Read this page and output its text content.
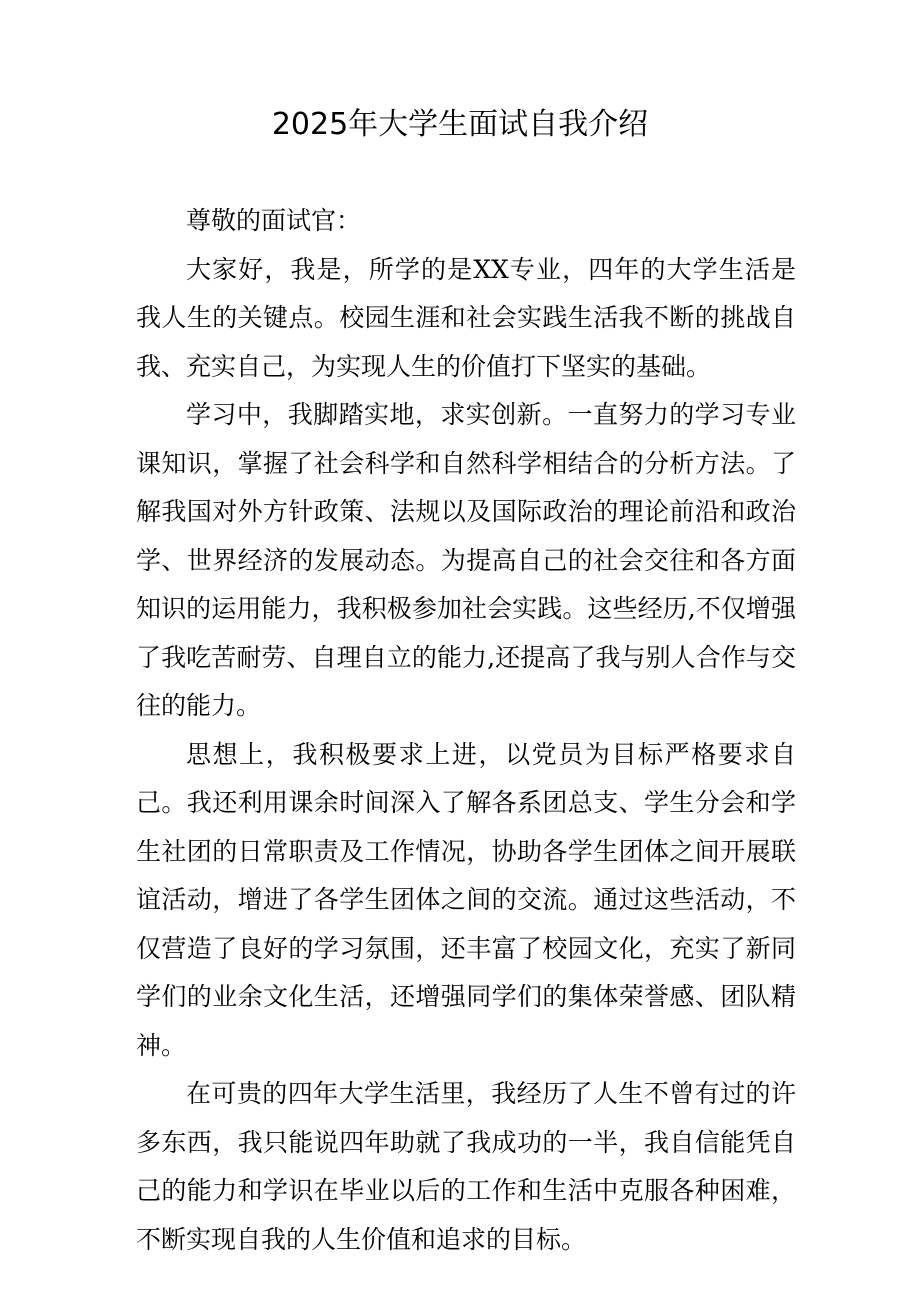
2025年大学生面试自我介绍

尊敬的面试官：

大家好，我是，所学的是XX专业，四年的大学生活是我人生的关键点。校园生涯和社会实践生活我不断的挑战自我、充实自己，为实现人生的价值打下坚实的基础。

学习中，我脚踏实地，求实创新。一直努力的学习专业课知识，掌握了社会科学和自然科学相结合的分析方法。了解我国对外方针政策、法规以及国际政治的理论前沿和政治学、世界经济的发展动态。为提高自己的社会交往和各方面知识的运用能力，我积极参加社会实践。这些经历,不仅增强了我吃苦耐劳、自理自立的能力,还提高了我与别人合作与交往的能力。

思想上，我积极要求上进，以党员为目标严格要求自己。我还利用课余时间深入了解各系团总支、学生分会和学生社团的日常职责及工作情况，协助各学生团体之间开展联谊活动，增进了各学生团体之间的交流。通过这些活动，不仅营造了良好的学习氛围，还丰富了校园文化，充实了新同学们的业余文化生活，还增强同学们的集体荣誉感、团队精神。

在可贵的四年大学生活里，我经历了人生不曾有过的许多东西，我只能说四年助就了我成功的一半，我自信能凭自己的能力和学识在毕业以后的工作和生活中克服各种困难，不断实现自我的人生价值和追求的目标。
